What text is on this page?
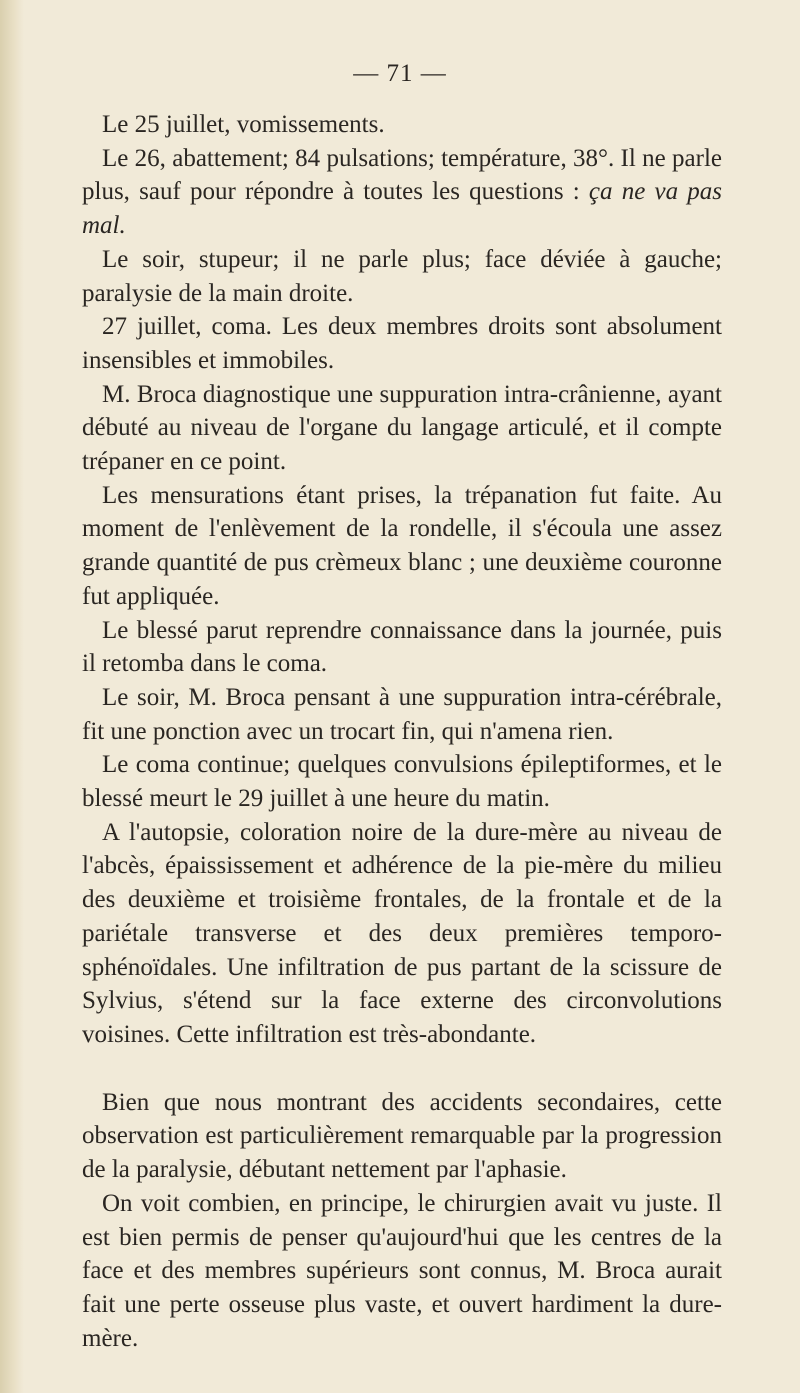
— 71 —

Le 25 juillet, vomissements.

Le 26, abattement; 84 pulsations; température, 38°. Il ne parle plus, sauf pour répondre à toutes les questions : ça ne va pas mal.

Le soir, stupeur; il ne parle plus; face déviée à gauche; paralysie de la main droite.

27 juillet, coma. Les deux membres droits sont absolument insensibles et immobiles.

M. Broca diagnostique une suppuration intra-crânienne, ayant débuté au niveau de l'organe du langage articulé, et il compte trépaner en ce point.

Les mensurations étant prises, la trépanation fut faite. Au moment de l'enlèvement de la rondelle, il s'écoula une assez grande quantité de pus crèmeux blanc ; une deuxième couronne fut appliquée.

Le blessé parut reprendre connaissance dans la journée, puis il retomba dans le coma.

Le soir, M. Broca pensant à une suppuration intra-cérébrale, fit une ponction avec un trocart fin, qui n'amena rien.

Le coma continue; quelques convulsions épileptiformes, et le blessé meurt le 29 juillet à une heure du matin.

A l'autopsie, coloration noire de la dure-mère au niveau de l'abcès, épaississement et adhérence de la pie-mère du milieu des deuxième et troisième frontales, de la frontale et de la pariétale transverse et des deux premières temporo-sphénoïdales. Une infiltration de pus partant de la scissure de Sylvius, s'étend sur la face externe des circonvolutions voisines. Cette infiltration est très-abondante.

Bien que nous montrant des accidents secondaires, cette observation est particulièrement remarquable par la progression de la paralysie, débutant nettement par l'aphasie.

On voit combien, en principe, le chirurgien avait vu juste. Il est bien permis de penser qu'aujourd'hui que les centres de la face et des membres supérieurs sont connus, M. Broca aurait fait une perte osseuse plus vaste, et ouvert hardiment la dure-mère.
